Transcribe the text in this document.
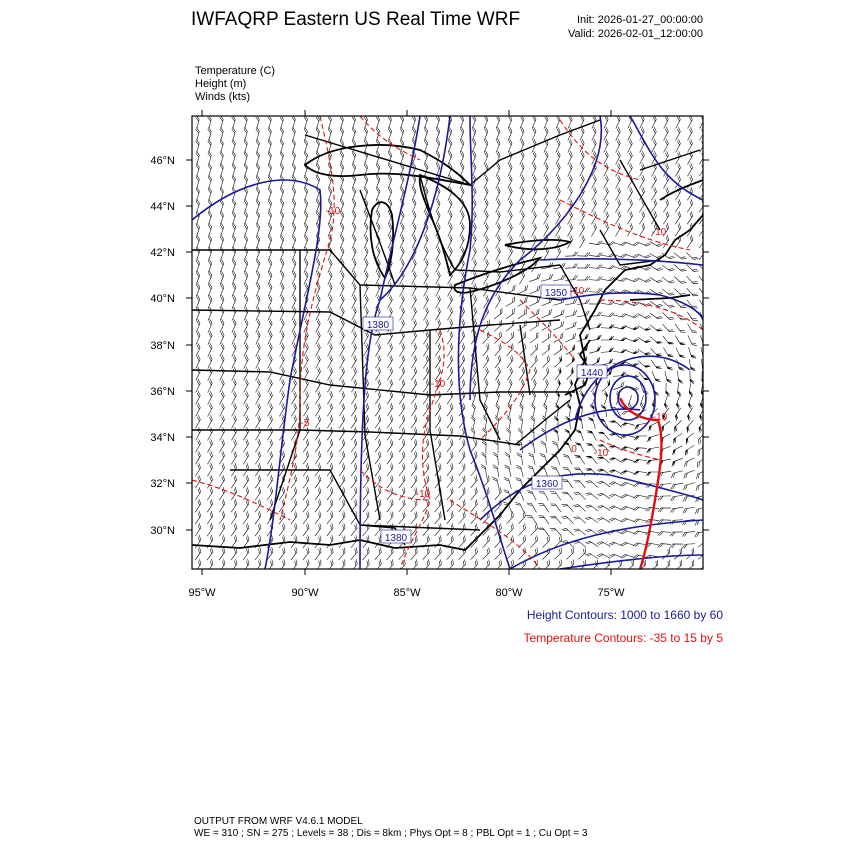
IWFAQRP Eastern US Real Time WRF	Init: 2026-01-27_00:00:00
Valid: 2026-02-01_12:00:00
Temperature (C)
Height (m)
Winds (kts)
46°N
44°N
42°N
40°N
38°N
36°N
34°N
32°N
30°N
95°W	90°W	85°W	80°W	75°W
1380
1350
1440
1360
1380
-10
-10
-10
-5
-10
0
-10
-10
-10
Height Contours: 1000 to 1660 by 60
Temperature Contours: -35 to 15 by 5
OUTPUT FROM WRF V4.6.1 MODEL
WE = 310 ; SN = 275 ; Levels = 38 ; Dis = 8km ; Phys Opt = 8 ; PBL Opt = 1 ; Cu Opt = 3
